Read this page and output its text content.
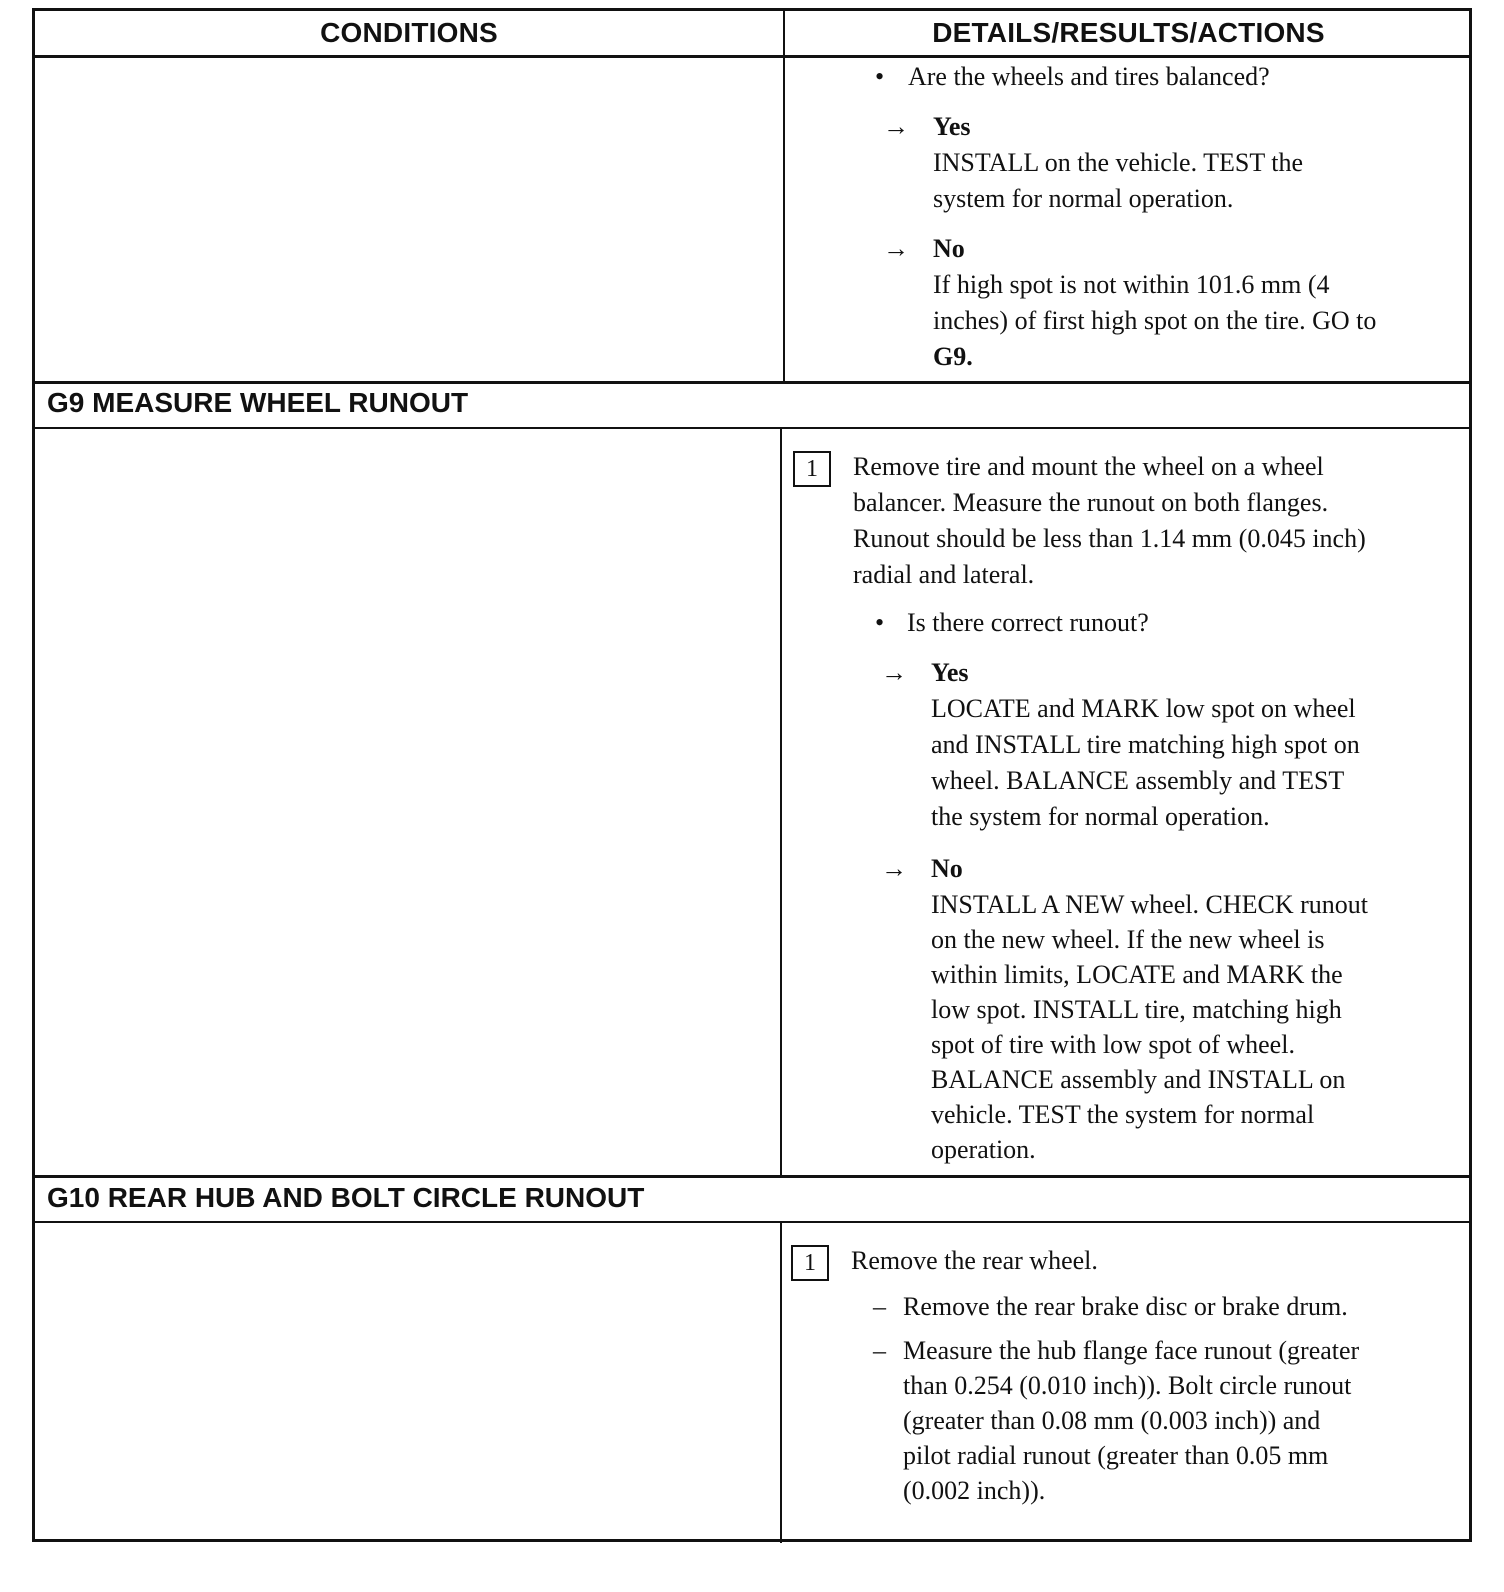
CONDITIONS	DETAILS/RESULTS/ACTIONS
• Are the wheels and tires balanced?
→ Yes
INSTALL on the vehicle. TEST the
system for normal operation.
→ No
If high spot is not within 101.6 mm (4
inches) of first high spot on the tire. GO to
G9.
G9 MEASURE WHEEL RUNOUT
1	Remove tire and mount the wheel on a wheel
balancer. Measure the runout on both flanges.
Runout should be less than 1.14 mm (0.045 inch)
radial and lateral.
• Is there correct runout?
→ Yes
LOCATE and MARK low spot on wheel
and INSTALL tire matching high spot on
wheel. BALANCE assembly and TEST
the system for normal operation.
→ No
INSTALL A NEW wheel. CHECK runout
on the new wheel. If the new wheel is
within limits, LOCATE and MARK the
low spot. INSTALL tire, matching high
spot of tire with low spot of wheel.
BALANCE assembly and INSTALL on
vehicle. TEST the system for normal
operation.
G10 REAR HUB AND BOLT CIRCLE RUNOUT
1	Remove the rear wheel.
– Remove the rear brake disc or brake drum.
– Measure the hub flange face runout (greater
than 0.254 (0.010 inch)). Bolt circle runout
(greater than 0.08 mm (0.003 inch)) and
pilot radial runout (greater than 0.05 mm
(0.002 inch)).
